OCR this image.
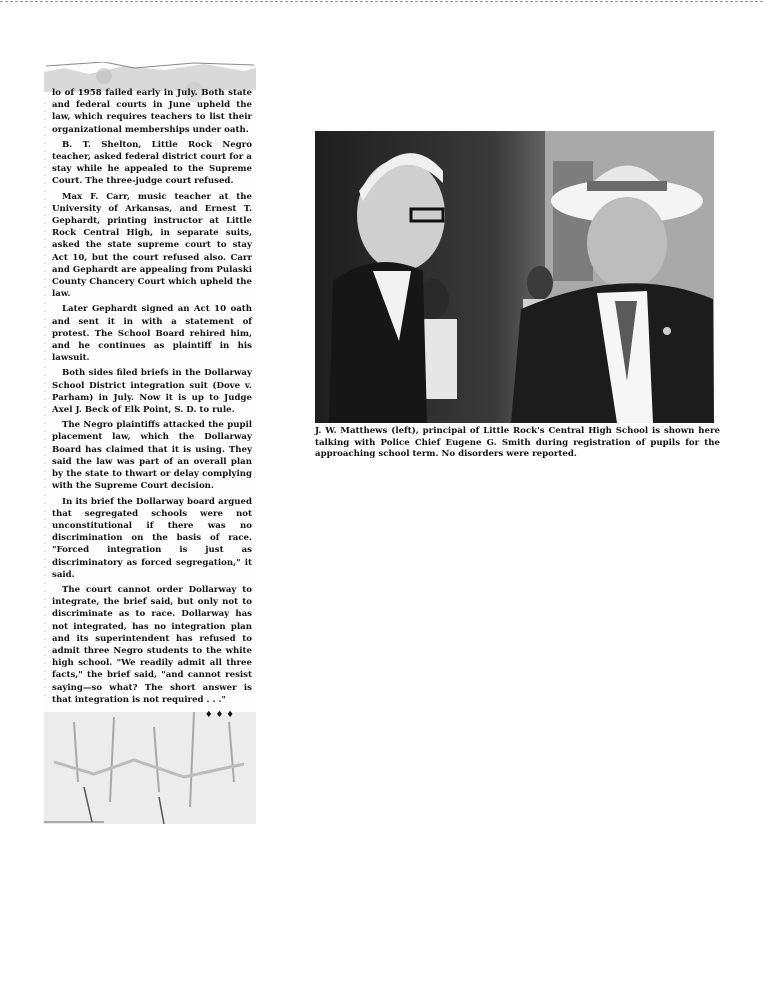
lo of 1958 failed early in July. Both state and federal courts in June upheld the law, which requires teachers to list their organizational memberships under oath.

B. T. Shelton, Little Rock Negro teacher, asked federal district court for a stay while he appealed to the Supreme Court. The three-judge court refused.

Max F. Carr, music teacher at the University of Arkansas, and Ernest T. Gephardt, printing instructor at Little Rock Central High, in separate suits, asked the state supreme court to stay Act 10, but the court refused also. Carr and Gephardt are appealing from Pulaski County Chancery Court which upheld the law.

Later Gephardt signed an Act 10 oath and sent it in with a statement of protest. The School Board rehired him, and he continues as plaintiff in his lawsuit.

Both sides filed briefs in the Dollarway School District integration suit (Dove v. Parham) in July. Now it is up to Judge Axel J. Beck of Elk Point, S. D. to rule.

The Negro plaintiffs attacked the pupil placement law, which the Dollarway Board has claimed that it is using. They said the law was part of an overall plan by the state to thwart or delay complying with the Supreme Court decision.

In its brief the Dollarway board argued that segregated schools were not unconstitutional if there was no discrimination on the basis of race. "Forced integration is just as discriminatory as forced segregation," it said.

The court cannot order Dollarway to integrate, the brief said, but only not to discriminate as to race. Dollarway has not integrated, has no integration plan and its superintendent has refused to admit three Negro students to the white high school. "We readily admit all three facts," the brief said, "and cannot resist saying—so what? The short answer is that integration is not required . . ."

♦ ♦ ♦
J. W. Matthews (left), principal of Little Rock's Central High School is shown here talking with Police Chief Eugene G. Smith during registration of pupils for the approaching school term. No disorders were reported.
